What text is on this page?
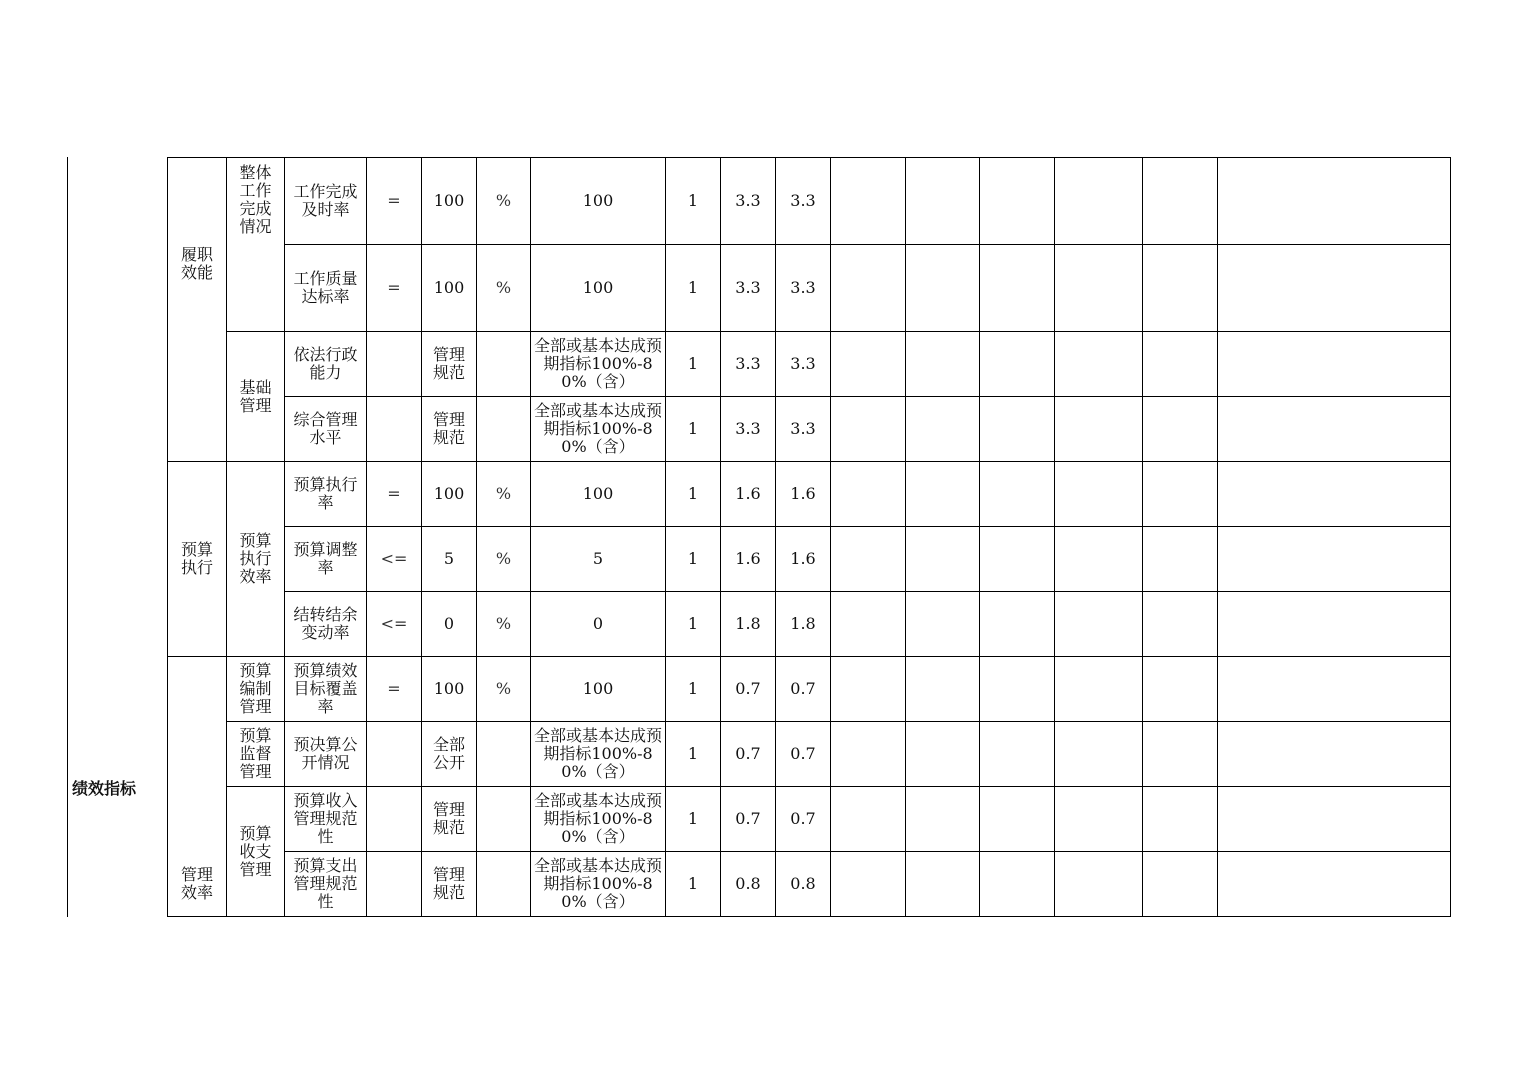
绩效指标
履职效能	整体工作完成情况	工作完成及时率	=	100	%	100	1	3.3	3.3						
		工作质量达标率	=	100	%	100	1	3.3	3.3						
	基础管理	依法行政能力		管理规范		全部或基本达成预期指标100%-80%（含）	1	3.3	3.3						
		综合管理水平		管理规范		全部或基本达成预期指标100%-80%（含）	1	3.3	3.3						
预算执行	预算执行效率	预算执行率	=	100	%	100	1	1.6	1.6						
		预算调整率	<=	5	%	5	1	1.6	1.6						
		结转结余变动率	<=	0	%	0	1	1.8	1.8						
管理效率	预算编制管理	预算绩效目标覆盖率	=	100	%	100	1	0.7	0.7						
	预算监督管理	预决算公开情况		全部公开		全部或基本达成预期指标100%-80%（含）	1	0.7	0.7						
	预算收支管理	预算收入管理规范性		管理规范		全部或基本达成预期指标100%-80%（含）	1	0.7	0.7						
		预算支出管理规范性		管理规范		全部或基本达成预期指标100%-80%（含）	1	0.8	0.8						
